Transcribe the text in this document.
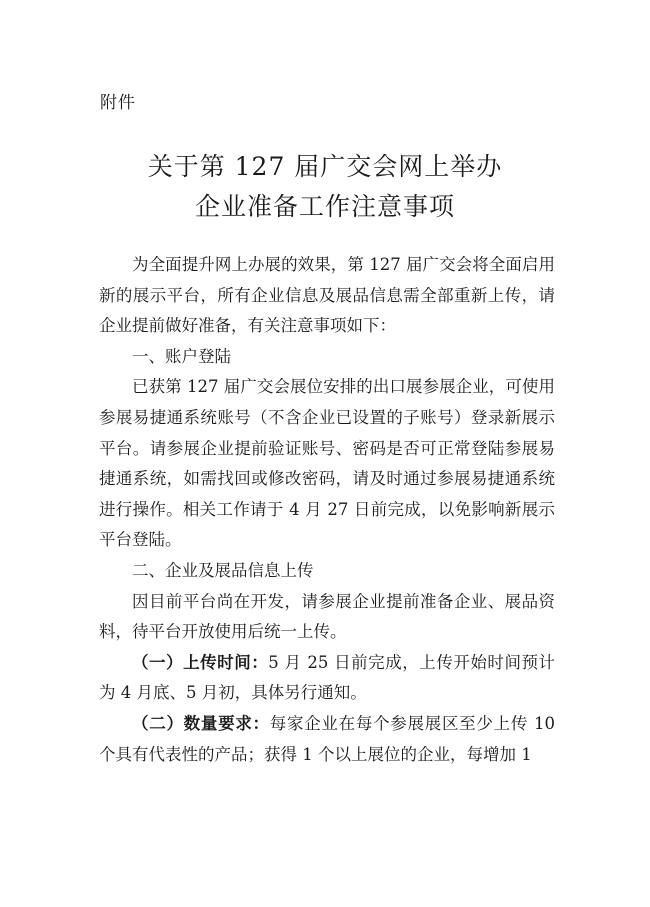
附件
关于第 127 届广交会网上举办
企业准备工作注意事项

为全面提升网上办展的效果，第 127 届广交会将全面启用新的展示平台，所有企业信息及展品信息需全部重新上传，请企业提前做好准备，有关注意事项如下：

一、账户登陆

已获第 127 届广交会展位安排的出口展参展企业，可使用参展易捷通系统账号（不含企业已设置的子账号）登录新展示平台。请参展企业提前验证账号、密码是否可正常登陆参展易捷通系统，如需找回或修改密码，请及时通过参展易捷通系统进行操作。相关工作请于 4 月 27 日前完成，以免影响新展示平台登陆。

二、企业及展品信息上传

因目前平台尚在开发，请参展企业提前准备企业、展品资料，待平台开放使用后统一上传。

（一）上传时间：5 月 25 日前完成，上传开始时间预计为 4 月底、5 月初，具体另行通知。

（二）数量要求：每家企业在每个参展展区至少上传 10 个具有代表性的产品；获得 1 个以上展位的企业，每增加 1
